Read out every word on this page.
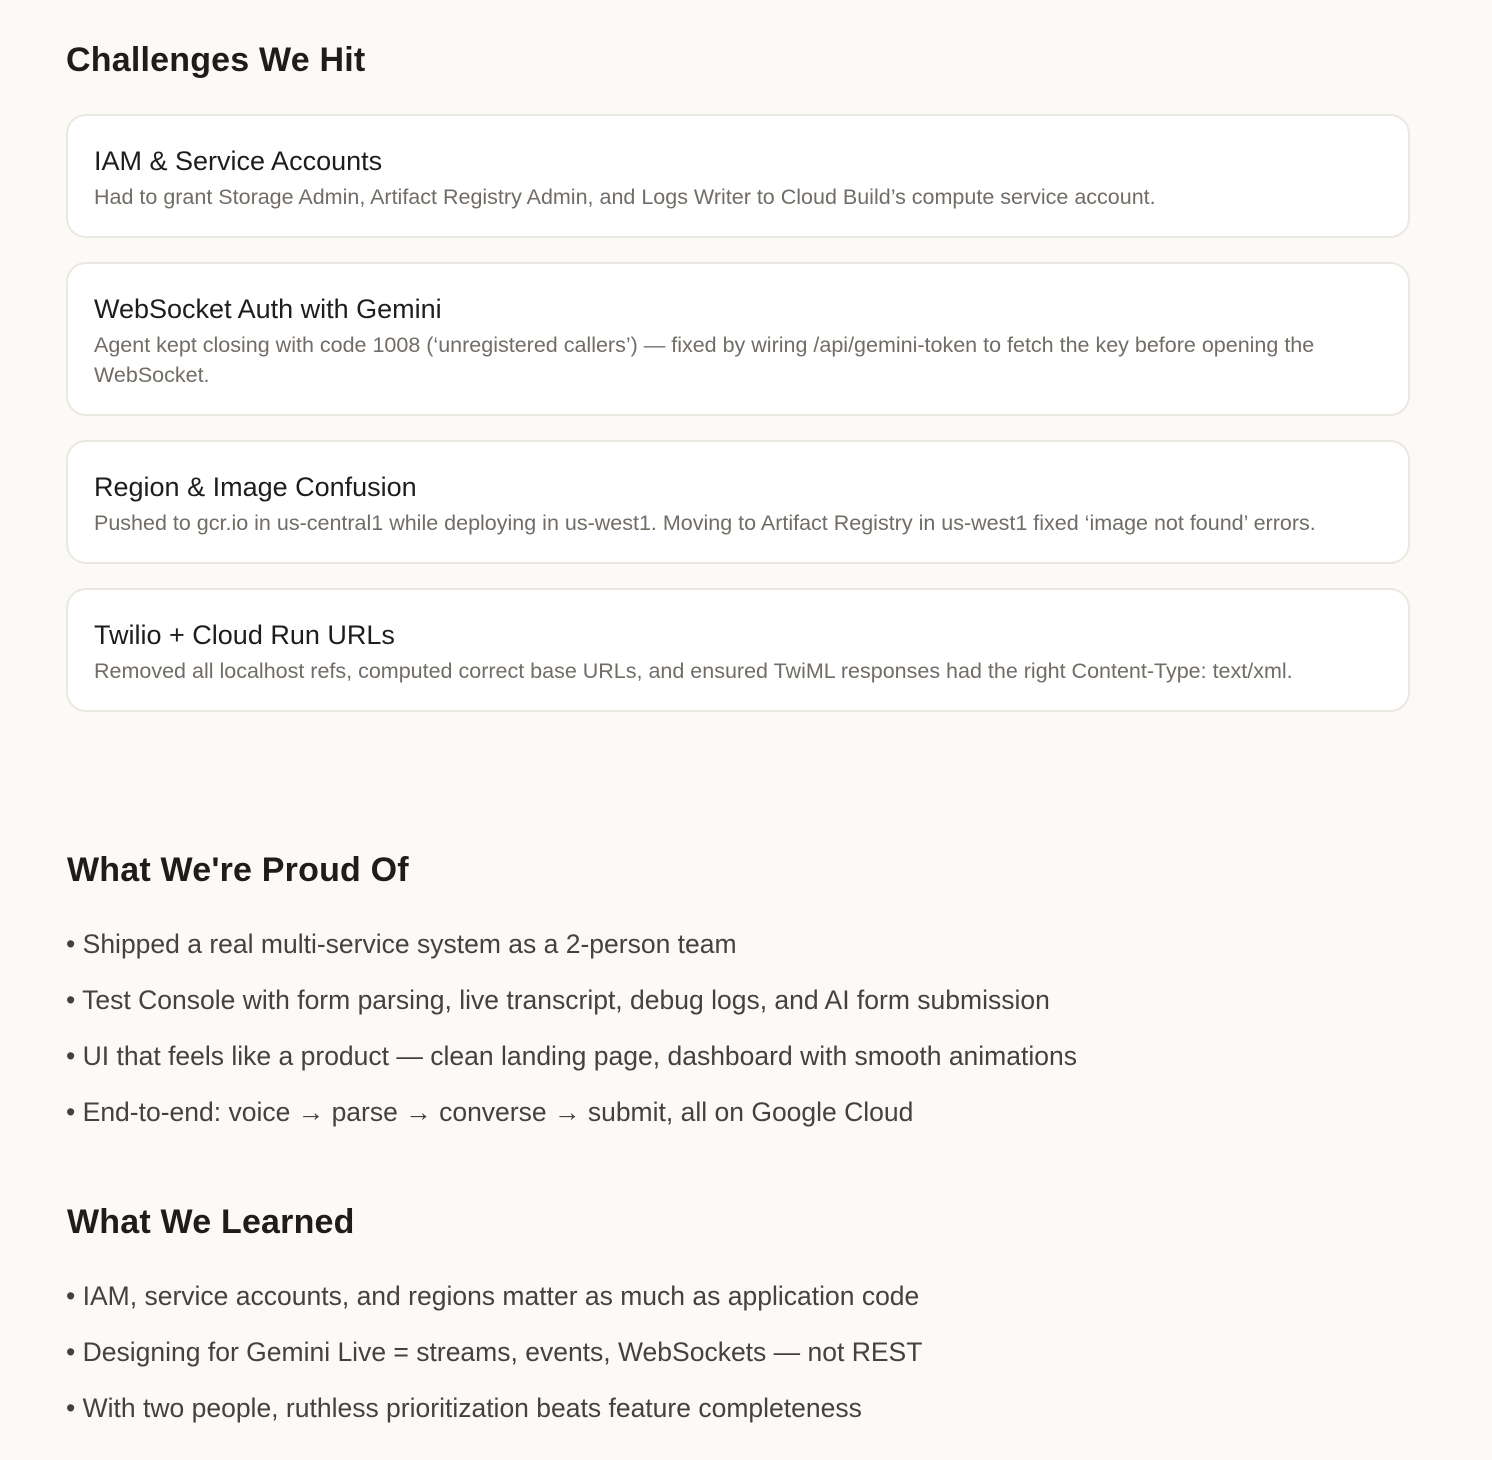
Challenges We Hit
IAM & Service Accounts

Had to grant Storage Admin, Artifact Registry Admin, and Logs Writer to Cloud Build’s compute service account.

WebSocket Auth with Gemini

Agent kept closing with code 1008 (‘unregistered callers’) — fixed by wiring /api/gemini-token to fetch the key before opening the WebSocket.

Region & Image Confusion

Pushed to gcr.io in us-central1 while deploying in us-west1. Moving to Artifact Registry in us-west1 fixed ‘image not found’ errors.

Twilio + Cloud Run URLs

Removed all localhost refs, computed correct base URLs, and ensured TwiML responses had the right Content-Type: text/xml.

What We're Proud Of
• Shipped a real multi-service system as a 2-person team
• Test Console with form parsing, live transcript, debug logs, and AI form submission
• UI that feels like a product — clean landing page, dashboard with smooth animations
• End-to-end: voice → parse → converse → submit, all on Google Cloud
What We Learned
• IAM, service accounts, and regions matter as much as application code
• Designing for Gemini Live = streams, events, WebSockets — not REST
• With two people, ruthless prioritization beats feature completeness
